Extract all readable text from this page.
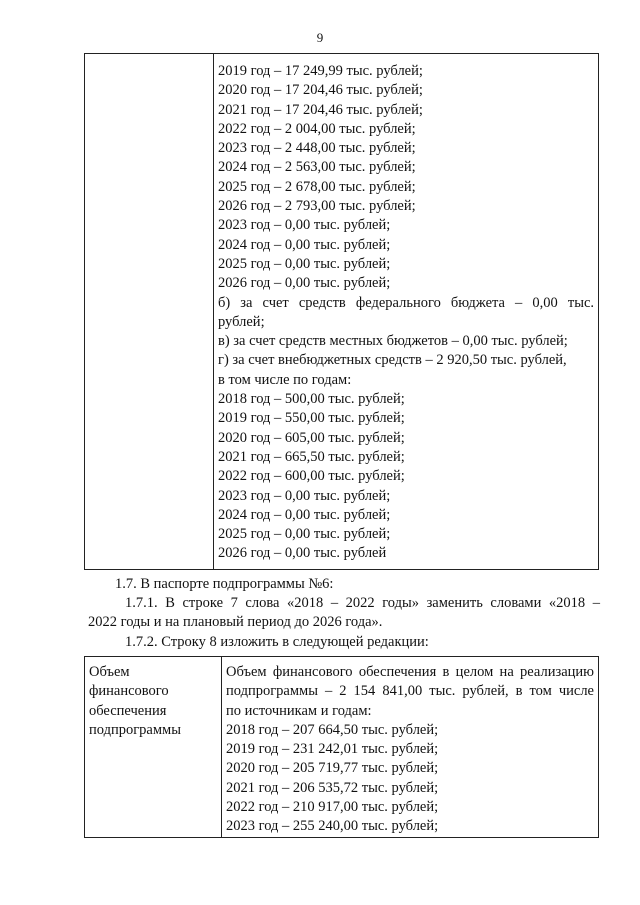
9

2019 год – 17 249,99 тыс. рублей;
2020 год – 17 204,46 тыс. рублей;
2021 год – 17 204,46 тыс. рублей;
2022 год – 2 004,00 тыс. рублей;
2023 год – 2 448,00 тыс. рублей;
2024 год – 2 563,00 тыс. рублей;
2025 год – 2 678,00 тыс. рублей;
2026 год – 2 793,00 тыс. рублей;
2023 год – 0,00 тыс. рублей;
2024 год – 0,00 тыс. рублей;
2025 год – 0,00 тыс. рублей;
2026 год – 0,00 тыс. рублей;
б) за счет средств федерального бюджета – 0,00 тыс.
рублей;
в) за счет средств местных бюджетов – 0,00 тыс. рублей;
г) за счет внебюджетных средств – 2 920,50 тыс. рублей,
в том числе по годам:
2018 год – 500,00 тыс. рублей;
2019 год – 550,00 тыс. рублей;
2020 год – 605,00 тыс. рублей;
2021 год – 665,50 тыс. рублей;
2022 год – 600,00 тыс. рублей;
2023 год – 0,00 тыс. рублей;
2024 год – 0,00 тыс. рублей;
2025 год – 0,00 тыс. рублей;
2026 год – 0,00 тыс. рублей
1.7. В паспорте подпрограммы №6:
1.7.1. В строке 7 слова «2018 – 2022 годы» заменить словами «2018 –
2022 годы и на плановый период до 2026 года».
1.7.2. Строку 8 изложить в следующей редакции:
Объем
финансового
обеспечения
подпрограммы

Объем финансового обеспечения в целом на реализацию
подпрограммы – 2 154 841,00 тыс. рублей, в том числе
по источникам и годам:
2018 год – 207 664,50 тыс. рублей;
2019 год – 231 242,01 тыс. рублей;
2020 год – 205 719,77 тыс. рублей;
2021 год – 206 535,72 тыс. рублей;
2022 год – 210 917,00 тыс. рублей;
2023 год – 255 240,00 тыс. рублей;
